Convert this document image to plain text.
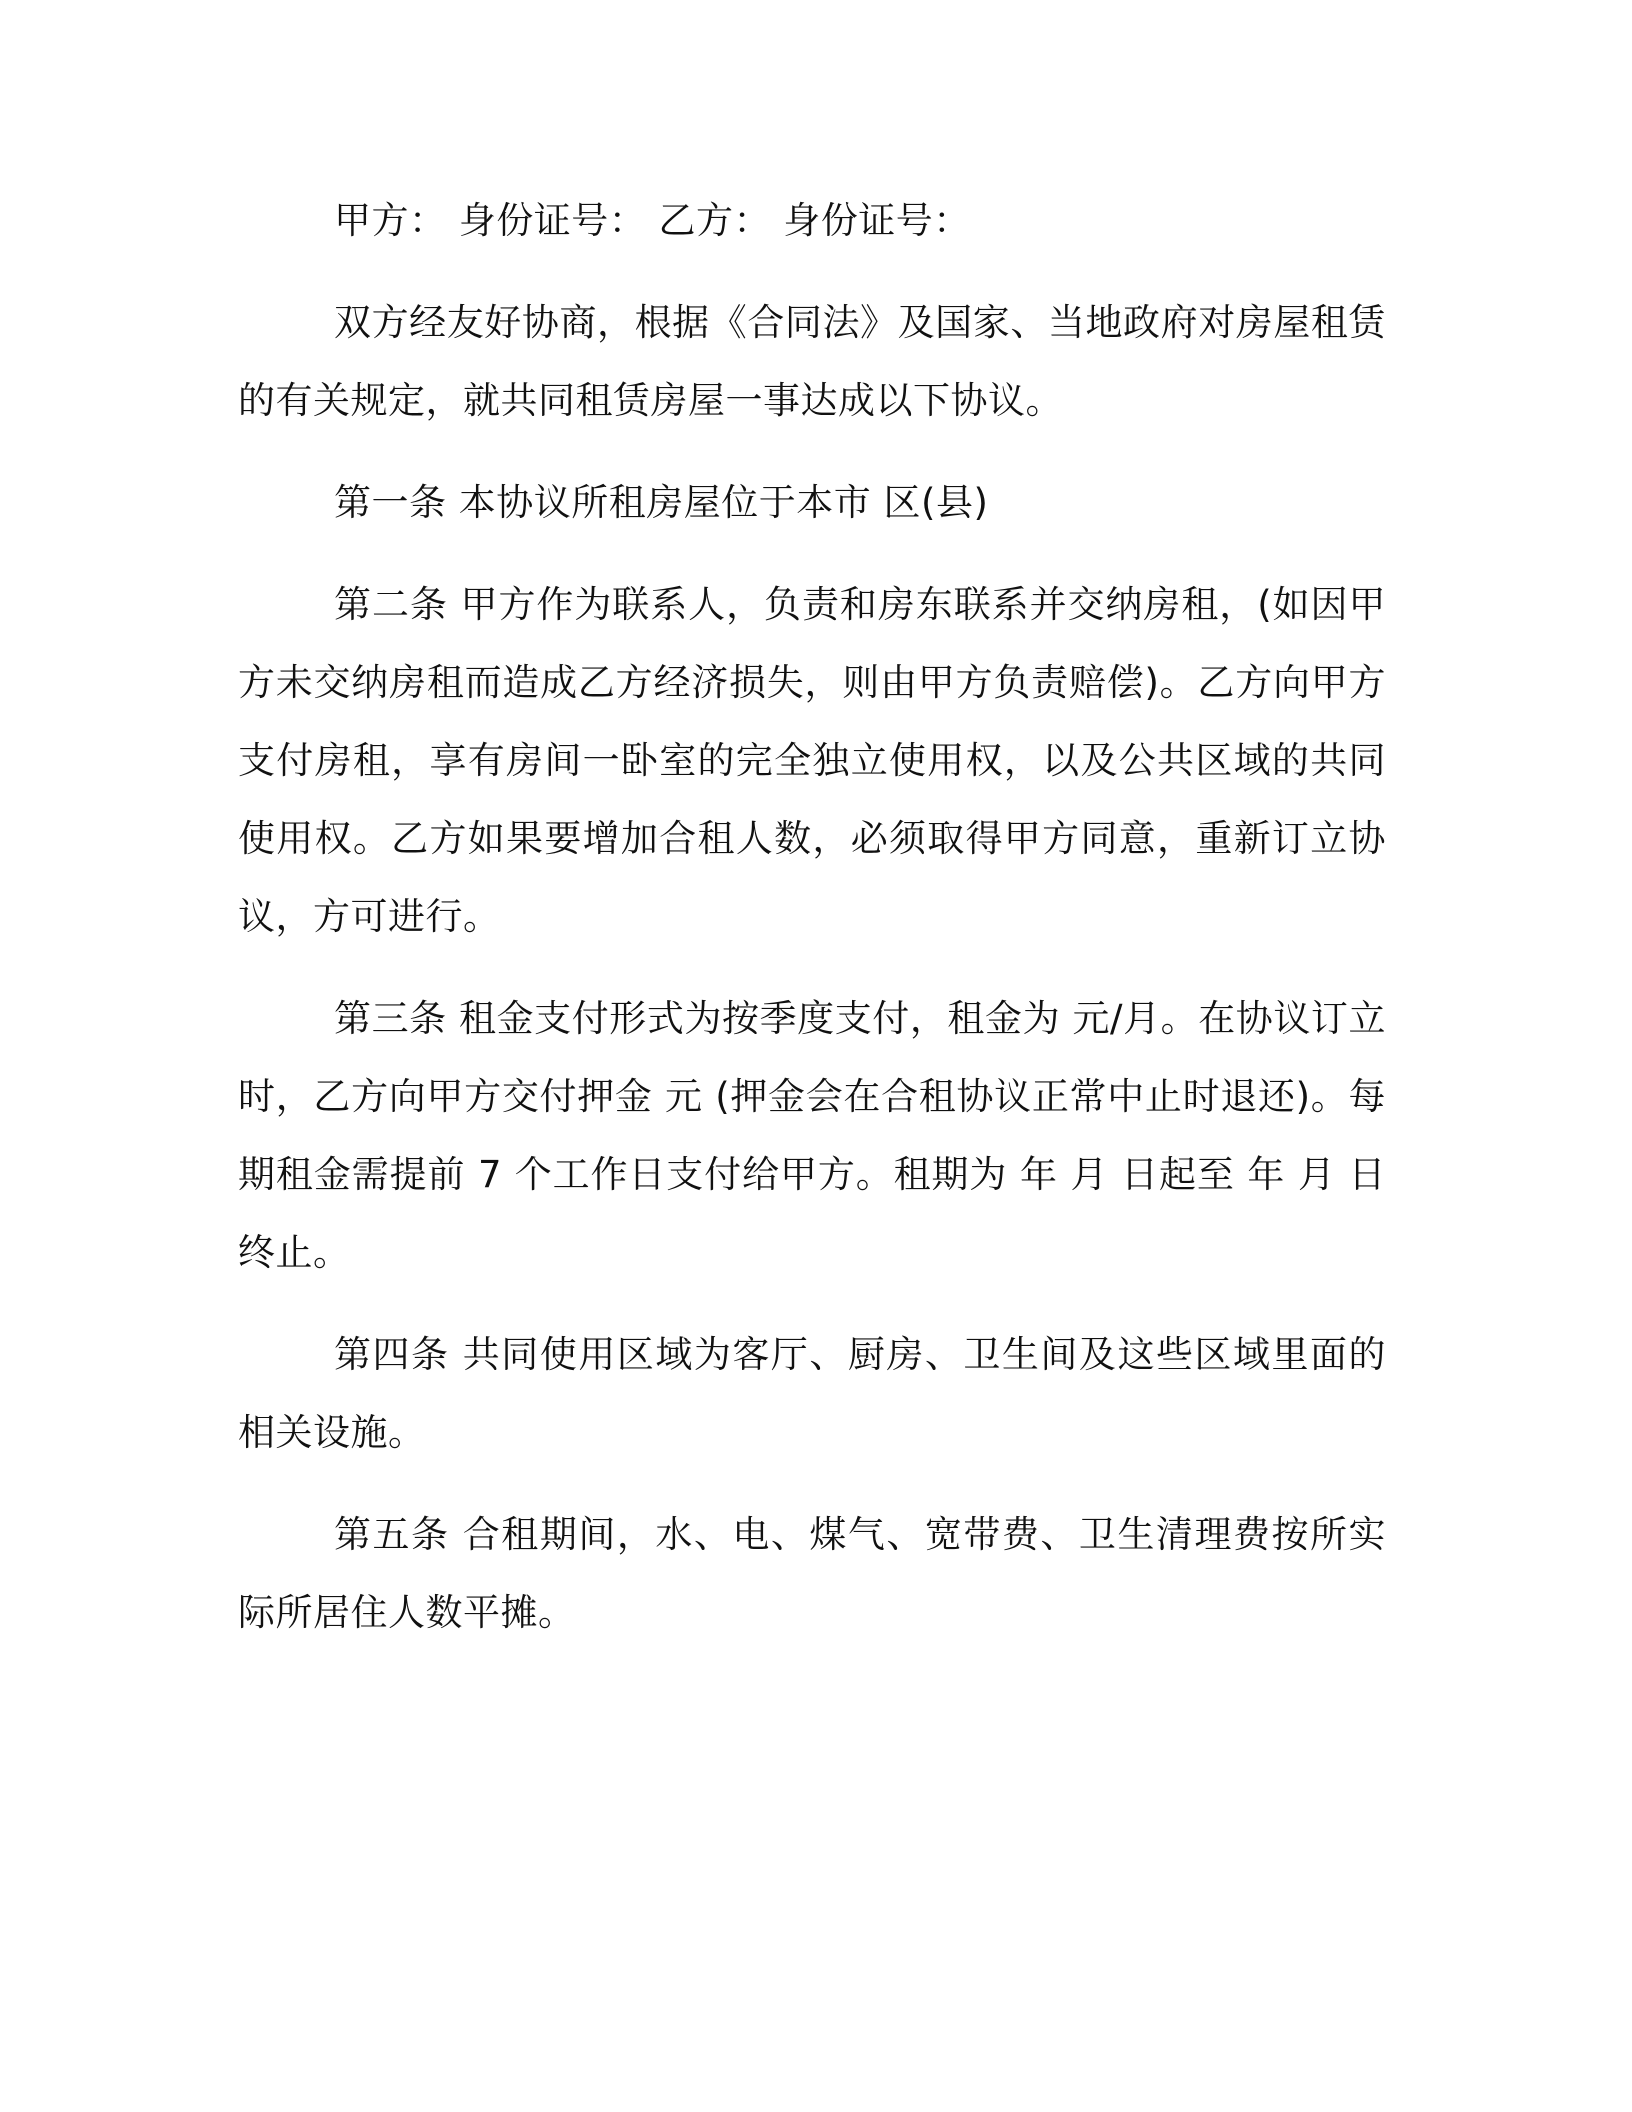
甲方： 身份证号： 乙方： 身份证号：

双方经友好协商，根据《合同法》及国家、当地政府对房屋租赁的有关规定，就共同租赁房屋一事达成以下协议。

第一条 本协议所租房屋位于本市 区(县)

第二条 甲方作为联系人，负责和房东联系并交纳房租，(如因甲方未交纳房租而造成乙方经济损失，则由甲方负责赔偿)。乙方向甲方支付房租，享有房间一卧室的完全独立使用权，以及公共区域的共同使用权。乙方如果要增加合租人数，必须取得甲方同意，重新订立协议，方可进行。

第三条 租金支付形式为按季度支付，租金为 元/月。在协议订立时，乙方向甲方交付押金 元 (押金会在合租协议正常中止时退还)。每期租金需提前 7 个工作日支付给甲方。租期为 年 月 日起至 年 月 日终止。

第四条 共同使用区域为客厅、厨房、卫生间及这些区域里面的相关设施。

第五条 合租期间，水、电、煤气、宽带费、卫生清理费按所实际所居住人数平摊。
